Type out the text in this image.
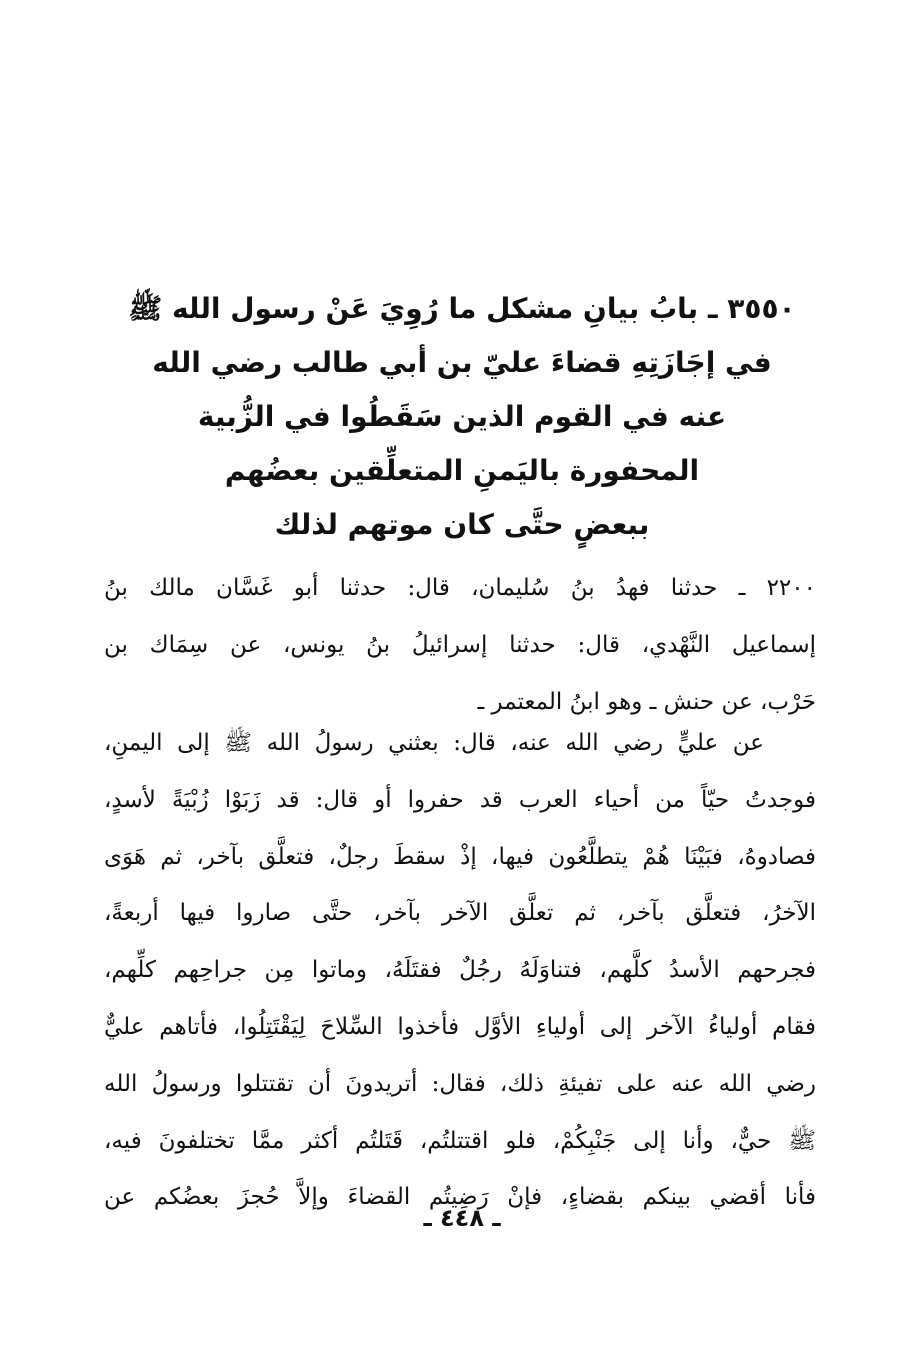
٣٥٥٠ ـ بابُ بيانِ مشكل ما رُوِيَ عَنْ رسول الله ﷺ
في إجَازَتِهِ قضاءَ عليّ بن أبي طالب رضي الله
عنه في القوم الذين سَقَطُوا في الزُّبية
المحفورة باليَمنِ المتعلِّقين بعضُهم
ببعضٍ حتَّى كان موتهم لذلك
٢٢٠٠ ـ حدثنا فهدُ بنُ سُليمان، قال: حدثنا أبو غَسَّان مالك بنُ
إسماعيل النَّهْدي، قال: حدثنا إسرائيلُ بنُ يونس، عن سِمَاك بن
حَرْب، عن حنش ـ وهو ابنُ المعتمر ـ
عن عليٍّ رضي الله عنه، قال: بعثني رسولُ الله ﷺ إلى اليمنِ،
فوجدتُ حيّاً من أحياء العرب قد حفروا أو قال: قد زَبَوْا زُبْيَةً لأسدٍ،
فصادوهُ، فبَيْنَا هُمْ يتطلَّعُون فيها، إذْ سقطَ رجلٌ، فتعلَّق بآخر، ثم هَوَى
الآخرُ، فتعلَّق بآخر، ثم تعلَّق الآخر بآخر، حتَّى صاروا فيها أربعةً،
فجرحهم الأسدُ كلَّهم، فتناوَلَهُ رجُلٌ فقتَلَهُ، وماتوا مِن جراحِهم كلِّهم،
فقام أولياءُ الآخر إلى أولياءِ الأوَّل فأخذوا السِّلاحَ لِيَقْتَتِلُوا، فأتاهم عليٌّ
رضي الله عنه على تفيئةِ ذلك، فقال: أتريدونَ أن تقتتلوا ورسولُ الله
ﷺ حيٌّ، وأنا إلى جَنْبِكُمْ، فلو اقتتلتُم، قَتَلتُم أكثر ممَّا تختلفونَ فيه،
فأنا أقضي بينكم بقضاءٍ، فإنْ رَضِيتُم القضاءَ وإلاَّ حُجزَ بعضُكم عن
ـ ٤٤٨ ـ
